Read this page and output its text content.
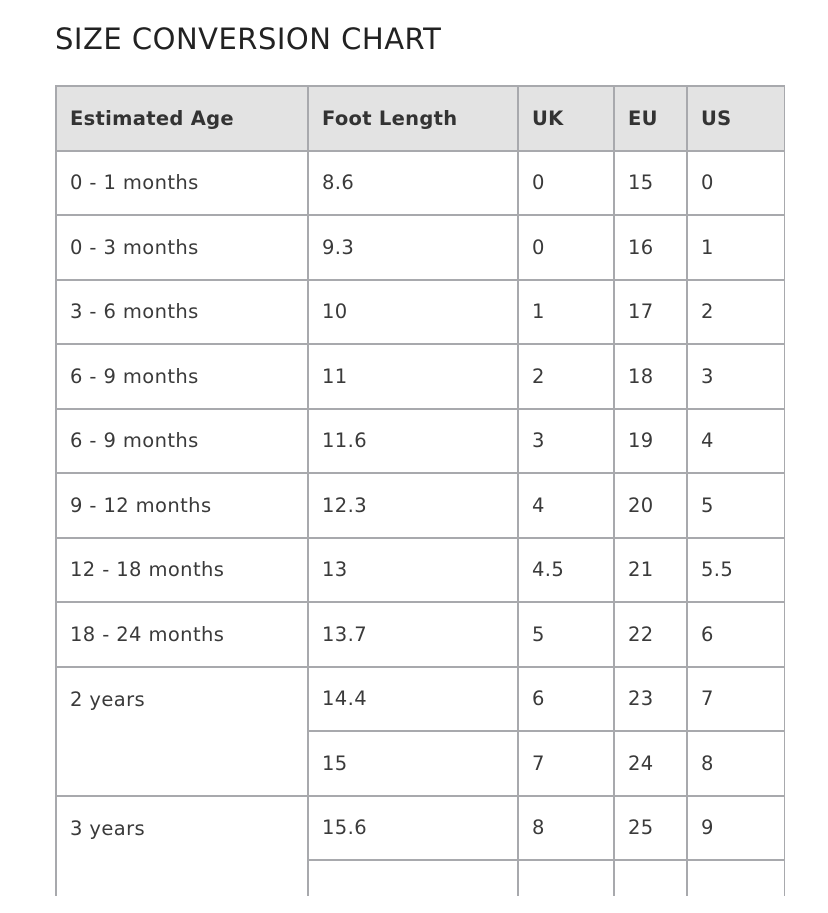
SIZE CONVERSION CHART
Estimated Age	Foot Length	UK	EU	US
0 - 1 months	8.6	0	15	0
0 - 3 months	9.3	0	16	1
3 - 6 months	10	1	17	2
6 - 9 months	11	2	18	3
6 - 9 months	11.6	3	19	4
9 - 12 months	12.3	4	20	5
12 - 18 months	13	4.5	21	5.5
18 - 24 months	13.7	5	22	6
2 years	14.4	6	23	7
	15	7	24	8
3 years	15.6	8	25	9
